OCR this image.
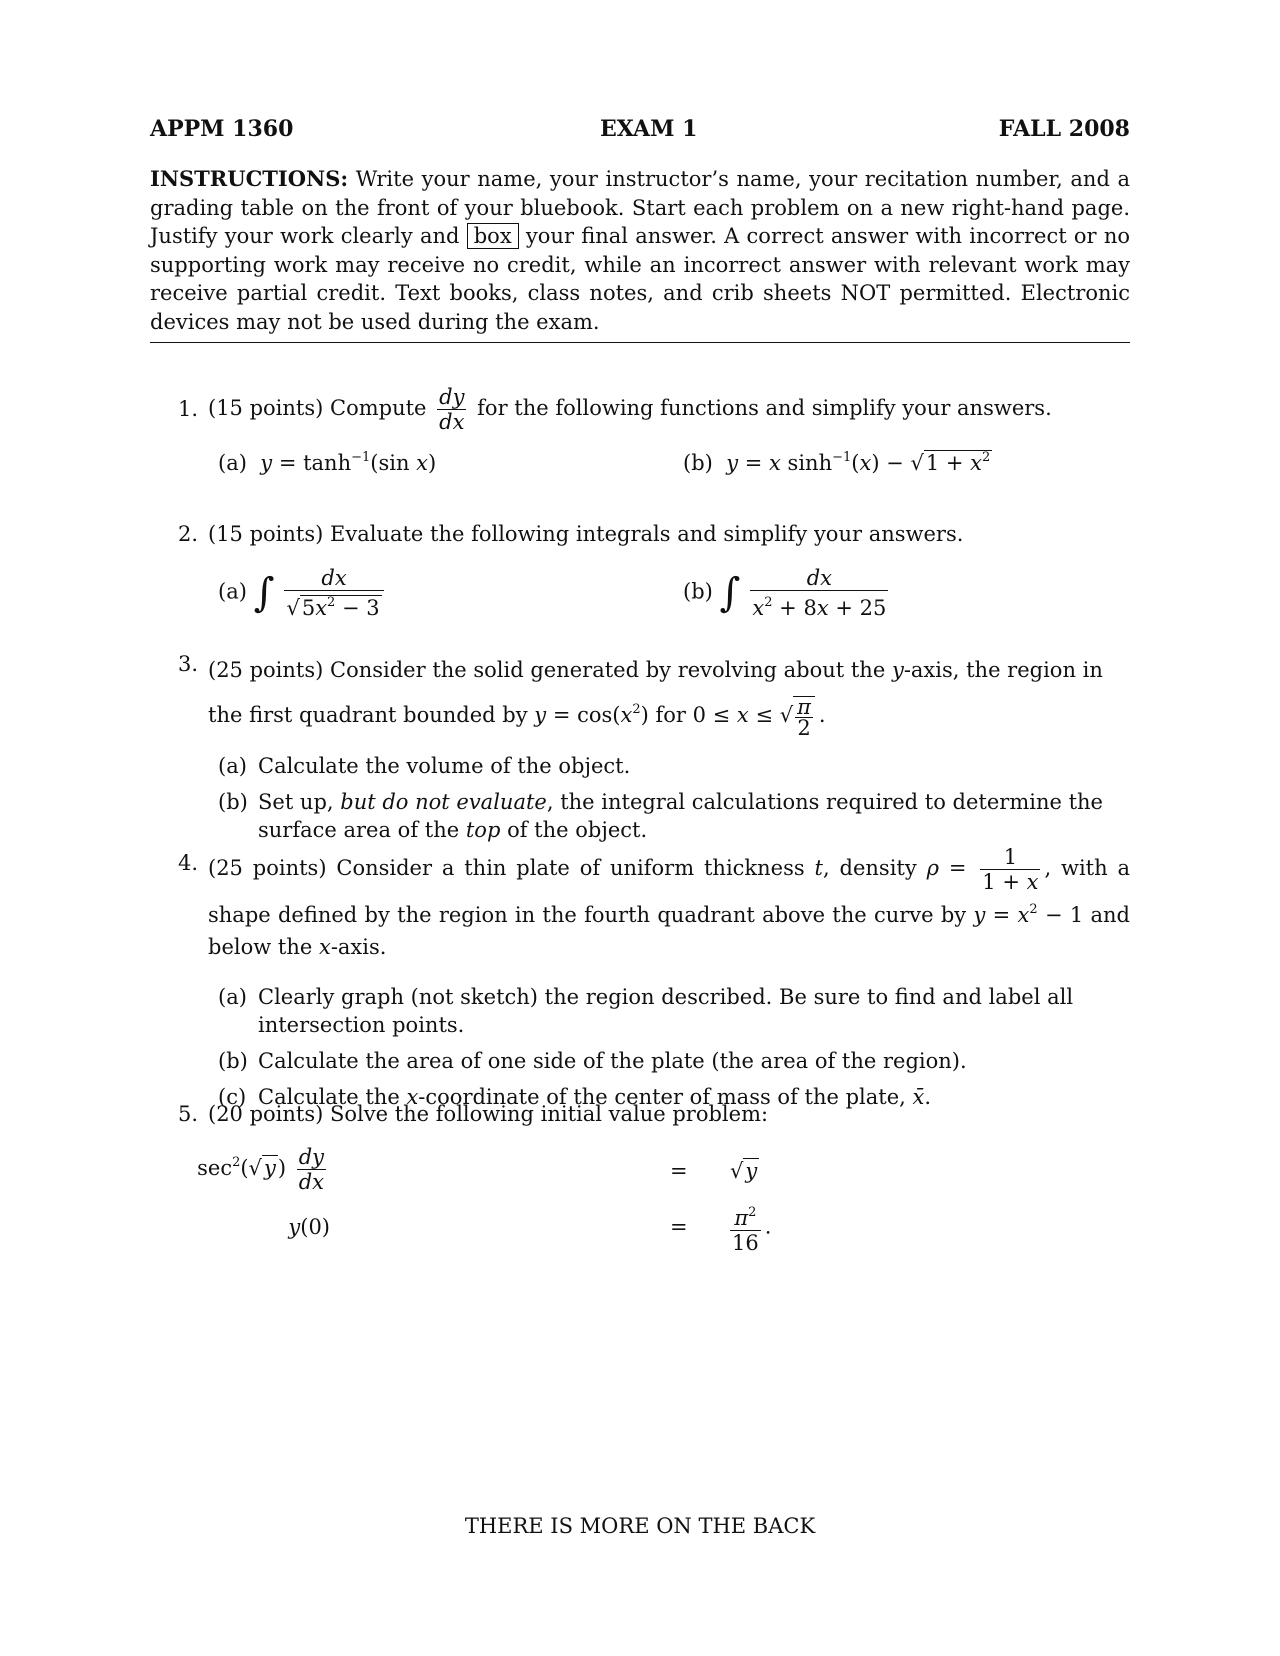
APPM 1360	EXAM 1	FALL 2008
INSTRUCTIONS: Write your name, your instructor’s name, your recitation number, and a grading table on the front of your bluebook. Start each problem on a new right-hand page. Justify your work clearly and box your final answer. A correct answer with incorrect or no supporting work may receive no credit, while an incorrect answer with relevant work may receive partial credit. Text books, class notes, and crib sheets NOT permitted. Electronic devices may not be used during the exam.
1. (15 points) Compute $\frac{dy}{dx}$ for the following functions and simplify your answers.
(a) $y = \tanh^{-1}(\sin$ x)	(b) y = x $\sinh^{-1}(x) - √1 + x^2$
2. (15 points) Evaluate the following integrals and simplify your answers.
(a) ∫ $\frac{dx}{√5x^2 - 3}$	(b) ∫ $\frac{dx}{x^2 + 8x + 25}$
3. (25 points) Consider the solid generated by revolving about the y-axis, the region in the first quadrant bounded by $y = \cos(x^2)$ for 0 ≤ x ≤ √ $\frac{\pi}{2}$ .
(a) Calculate the volume of the object.
(b) Set up, but do not evaluate, the integral calculations required to determine the surface area of the top of the object.
4. (25 points) Consider a thin plate of uniform thickness t, density $\rho = \frac{1}{1 + x}$ , with a shape defined by the region in the fourth quadrant above the curve by $y = x^2 - 1$ and below the x-axis.
(a) Clearly graph (not sketch) the region described. Be sure to find and label all intersection points.
(b) Calculate the area of one side of the plate (the area of the region).
(c) Calculate the x-coordinate of the center of mass of the plate, x̄.
5. (20 points) Solve the following initial value problem:
$\sec^2(√y) \frac{dy}{dx}$	= √y
y(0)	= $\frac{\pi^2}{16}$ .
THERE IS MORE ON THE BACK
